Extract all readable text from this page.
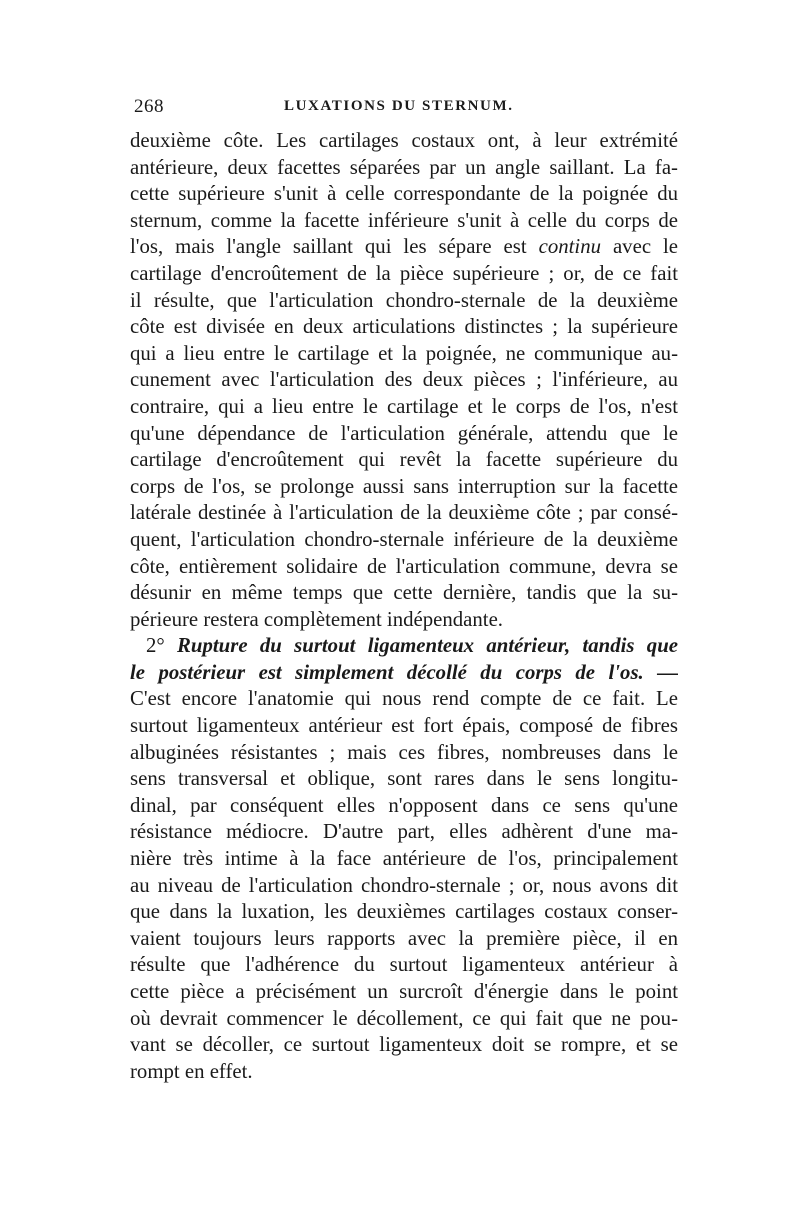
268	LUXATIONS DU STERNUM.
deuxième côte. Les cartilages costaux ont, à leur extrémité
antérieure, deux facettes séparées par un angle saillant. La fa-
cette supérieure s'unit à celle correspondante de la poignée du
sternum, comme la facette inférieure s'unit à celle du corps de
l'os, mais l'angle saillant qui les sépare est continu avec le
cartilage d'encroûtement de la pièce supérieure ; or, de ce fait
il résulte, que l'articulation chondro-sternale de la deuxième
côte est divisée en deux articulations distinctes ; la supérieure
qui a lieu entre le cartilage et la poignée, ne communique au-
cunement avec l'articulation des deux pièces ; l'inférieure, au
contraire, qui a lieu entre le cartilage et le corps de l'os, n'est
qu'une dépendance de l'articulation générale, attendu que le
cartilage d'encroûtement qui revêt la facette supérieure du
corps de l'os, se prolonge aussi sans interruption sur la facette
latérale destinée à l'articulation de la deuxième côte ; par consé-
quent, l'articulation chondro-sternale inférieure de la deuxième
côte, entièrement solidaire de l'articulation commune, devra se
désunir en même temps que cette dernière, tandis que la su-
périeure restera complètement indépendante.
2° Rupture du surtout ligamenteux antérieur, tandis que
le postérieur est simplement décollé du corps de l'os. —
C'est encore l'anatomie qui nous rend compte de ce fait. Le
surtout ligamenteux antérieur est fort épais, composé de fibres
albuginées résistantes ; mais ces fibres, nombreuses dans le
sens transversal et oblique, sont rares dans le sens longitu-
dinal, par conséquent elles n'opposent dans ce sens qu'une
résistance médiocre. D'autre part, elles adhèrent d'une ma-
nière très intime à la face antérieure de l'os, principalement
au niveau de l'articulation chondro-sternale ; or, nous avons dit
que dans la luxation, les deuxièmes cartilages costaux conser-
vaient toujours leurs rapports avec la première pièce, il en
résulte que l'adhérence du surtout ligamenteux antérieur à
cette pièce a précisément un surcroît d'énergie dans le point
où devrait commencer le décollement, ce qui fait que ne pou-
vant se décoller, ce surtout ligamenteux doit se rompre, et se
rompt en effet.
